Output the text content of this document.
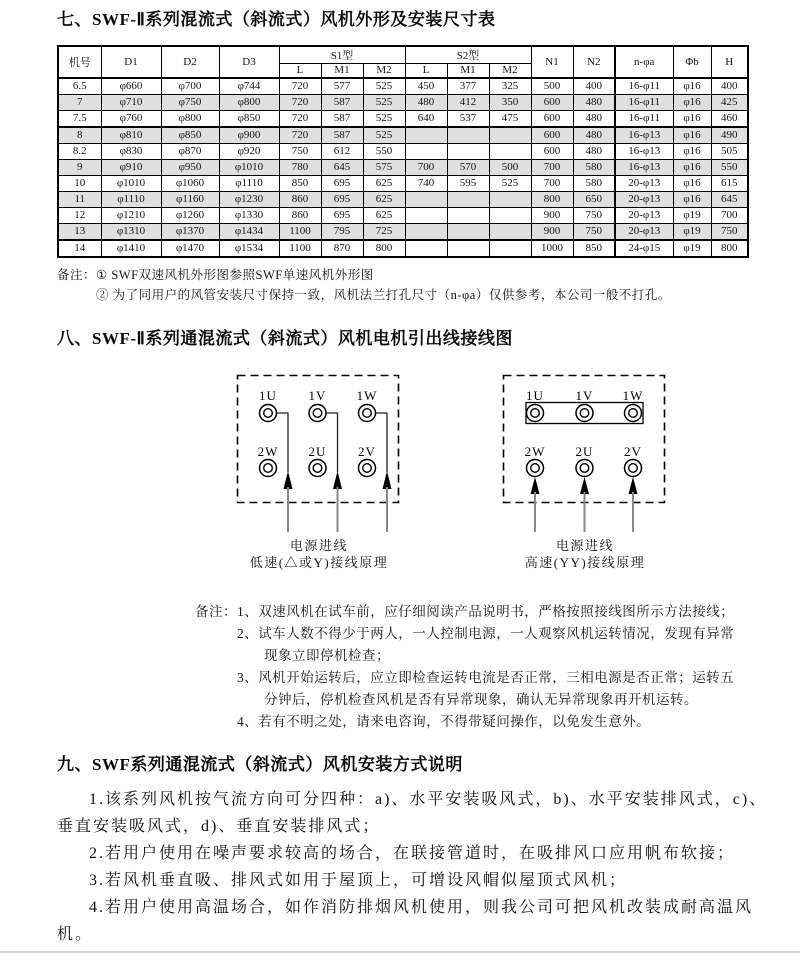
七、SWF-Ⅱ系列混流式（斜流式）风机外形及安装尺寸表
机号	D1	D2	D3	S1型			S2型			N1	N2	n-φa	Φb	H
				L	M1	M2	L	M1	M2					
6.5	φ660	φ700	φ744	720	577	525	450	377	325	500	400	16-φ11	φ16	400
7	φ710	φ750	φ800	720	587	525	480	412	350	600	480	16-φ11	φ16	425
7.5	φ760	φ800	φ850	720	587	525	640	537	475	600	480	16-φ11	φ16	460
8	φ810	φ850	φ900	720	587	525				600	480	16-φ13	φ16	490
8.2	φ830	φ870	φ920	750	612	550				600	480	16-φ13	φ16	505
9	φ910	φ950	φ1010	780	645	575	700	570	500	700	580	16-φ13	φ16	550
10	φ1010	φ1060	φ1110	850	695	625	740	595	525	700	580	20-φ13	φ16	615
11	φ1110	φ1160	φ1230	860	695	625				800	650	20-φ13	φ16	645
12	φ1210	φ1260	φ1330	860	695	625				900	750	20-φ13	φ19	700
13	φ1310	φ1370	φ1434	1100	795	725				900	750	20-φ13	φ19	750
14	φ1410	φ1470	φ1534	1100	870	800				1000	850	24-φ15	φ19	800
备注： ① SWF双速风机外形图参照SWF单速风机外形图
② 为了同用户的风管安装尺寸保持一致，风机法兰打孔尺寸（n-φa）仅供参考，本公司一般不打孔。
八、SWF-Ⅱ系列通混流式（斜流式）风机电机引出线接线图
1U 1V 1W
2W 2U 2V
电源进线
低速(△或Y)接线原理
1U 1V 1W
2W 2U 2V
电源进线
高速(YY)接线原理
备注： 1、双速风机在试车前，应仔细阅读产品说明书，严格按照接线图所示方法接线；
2、试车人数不得少于两人，一人控制电源，一人观察风机运转情况，发现有异常现象立即停机检查；
3、风机开始运转后，应立即检查运转电流是否正常，三相电源是否正常；运转五分钟后，停机检查风机是否有异常现象，确认无异常现象再开机运转。
4、若有不明之处，请来电咨询，不得带疑问操作，以免发生意外。
九、SWF系列通混流式（斜流式）风机安装方式说明

1.该系列风机按气流方向可分四种：a)、水平安装吸风式，b)、水平安装排风式，c)、垂直安装吸风式，d)、垂直安装排风式；

2.若用户使用在噪声要求较高的场合，在联接管道时，在吸排风口应用帆布软接；

3.若风机垂直吸、排风式如用于屋顶上，可增设风帽似屋顶式风机；

4.若用户使用高温场合，如作消防排烟风机使用，则我公司可把风机改装成耐高温风机。
